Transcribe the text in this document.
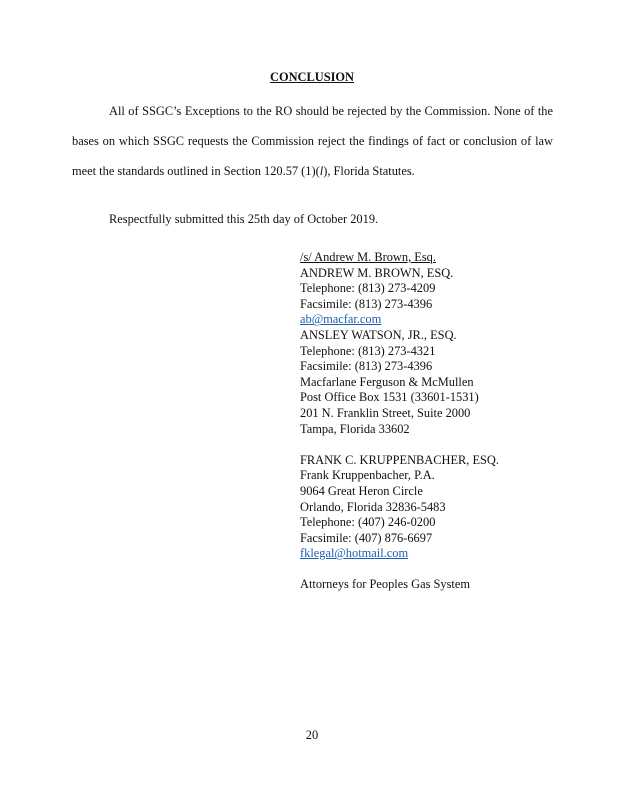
CONCLUSION

All of SSGC’s Exceptions to the RO should be rejected by the Commission. None of the bases on which SSGC requests the Commission reject the findings of fact or conclusion of law meet the standards outlined in Section 120.57 (1)(l), Florida Statutes.

Respectfully submitted this 25th day of October 2019.

/s/ Andrew M. Brown, Esq.
ANDREW M. BROWN, ESQ.
Telephone: (813) 273-4209
Facsimile: (813) 273-4396
ab@macfar.com
ANSLEY WATSON, JR., ESQ.
Telephone: (813) 273-4321
Facsimile: (813) 273-4396
Macfarlane Ferguson & McMullen
Post Office Box 1531 (33601-1531)
201 N. Franklin Street, Suite 2000
Tampa, Florida 33602
FRANK C. KRUPPENBACHER, ESQ.
Frank Kruppenbacher, P.A.
9064 Great Heron Circle
Orlando, Florida 32836-5483
Telephone: (407) 246-0200
Facsimile: (407) 876-6697
fklegal@hotmail.com
Attorneys for Peoples Gas System

20
